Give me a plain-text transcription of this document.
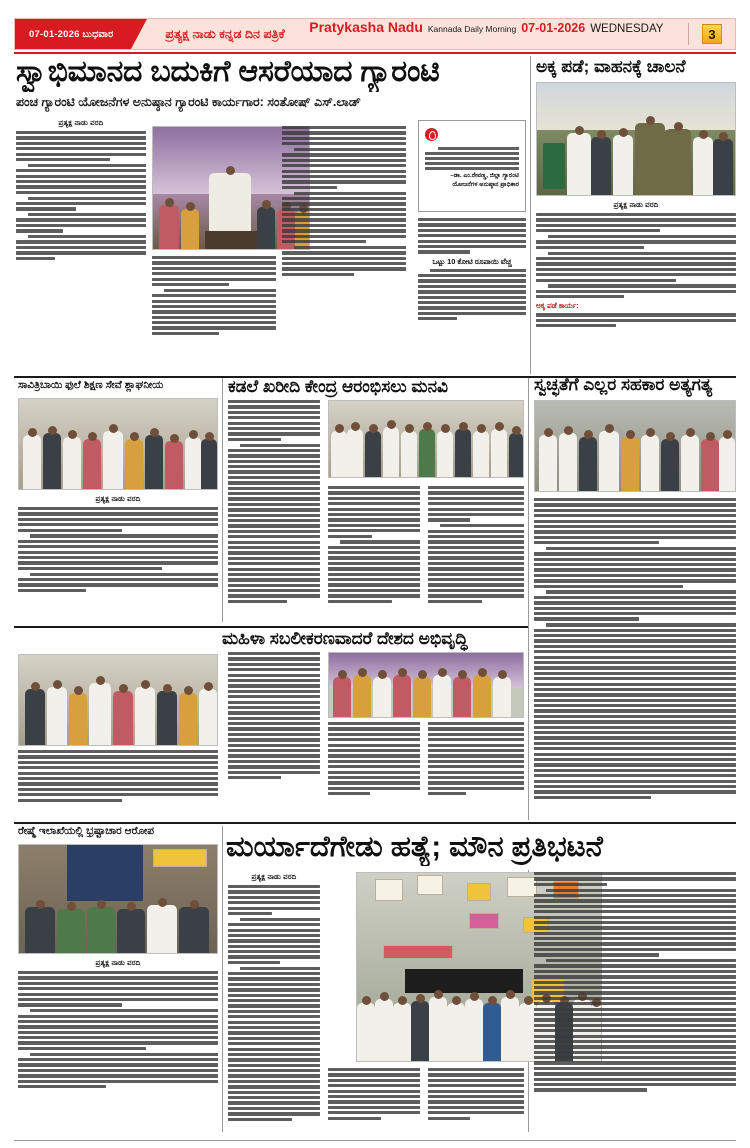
07-01-2026 ಬುಧವಾರ	ಪ್ರತ್ಯಕ್ಷ ನಾಡು ಕನ್ನಡ ದಿನ ಪತ್ರಿಕೆ Pratykasha Nadu Kannada Daily Morning 07-01-2026 WEDNESDAY	3
ಸ್ವಾಭಿಮಾನದ ಬದುಕಿಗೆ ಆಸರೆಯಾದ ಗ್ಯಾರಂಟಿ
ಪಂಚ ಗ್ಯಾರಂಟಿ ಯೋಜನೆಗಳ ಅನುಷ್ಠಾನ ಗ್ಯಾರಂಟಿ ಕಾರ್ಯಗಾರ: ಸಂತೋಷ್ ಎಸ್.ಲಾಡ್
ಅಕ್ಕ ಪಡೆ; ವಾಹನಕ್ಕೆ ಚಾಲನೆ
ಪ್ರತ್ಯಕ್ಷ ನಾಡು ವರದಿ
–ಡಾ. ಎಂ.ರೇವಣ್ಣ, ಜಿಲ್ಲಾ ಗ್ಯಾರಂಟಿ ಯೋಜನೆಗಳ ಅನುಷ್ಠಾನ ಪ್ರಾಧಿಕಾರ
ಒಟ್ಟು 10 ಕೋಟಿ ರೂಪಾಯಿ ವೆಚ್ಚ
ಪ್ರತ್ಯಕ್ಷ ನಾಡು ವರದಿ
ಅಕ್ಕ ಪಡೆ ಕಾರ್ಯ:
ಸಾವಿತ್ರಿಬಾಯಿ ಫುಲೆ ಶಿಕ್ಷಣ ಸೇವೆ ಶ್ಲಾಘನೀಯ	ಕಡಲೆ ಖರೀದಿ ಕೇಂದ್ರ ಆರಂಭಿಸಲು ಮನವಿ	ಸ್ವಚ್ಛತೆಗೆ ಎಲ್ಲರ ಸಹಕಾರ ಅತ್ಯಗತ್ಯ
ಪ್ರತ್ಯಕ್ಷ ನಾಡು ವರದಿ
ಮಹಿಳಾ ಸಬಲೀಕರಣವಾದರೆ ದೇಶದ ಅಭಿವೃದ್ಧಿ
ರೇಷ್ಮೆ ಇಲಾಖೆಯಲ್ಲಿ ಭ್ರಷ್ಟಾಚಾರ ಆರೋಪ	ಮರ್ಯಾದೆಗೇಡು ಹತ್ಯೆ; ಮೌನ ಪ್ರತಿಭಟನೆ
ಪ್ರತ್ಯಕ್ಷ ನಾಡು ವರದಿ
ಪ್ರತ್ಯಕ್ಷ ನಾಡು ವರದಿ
